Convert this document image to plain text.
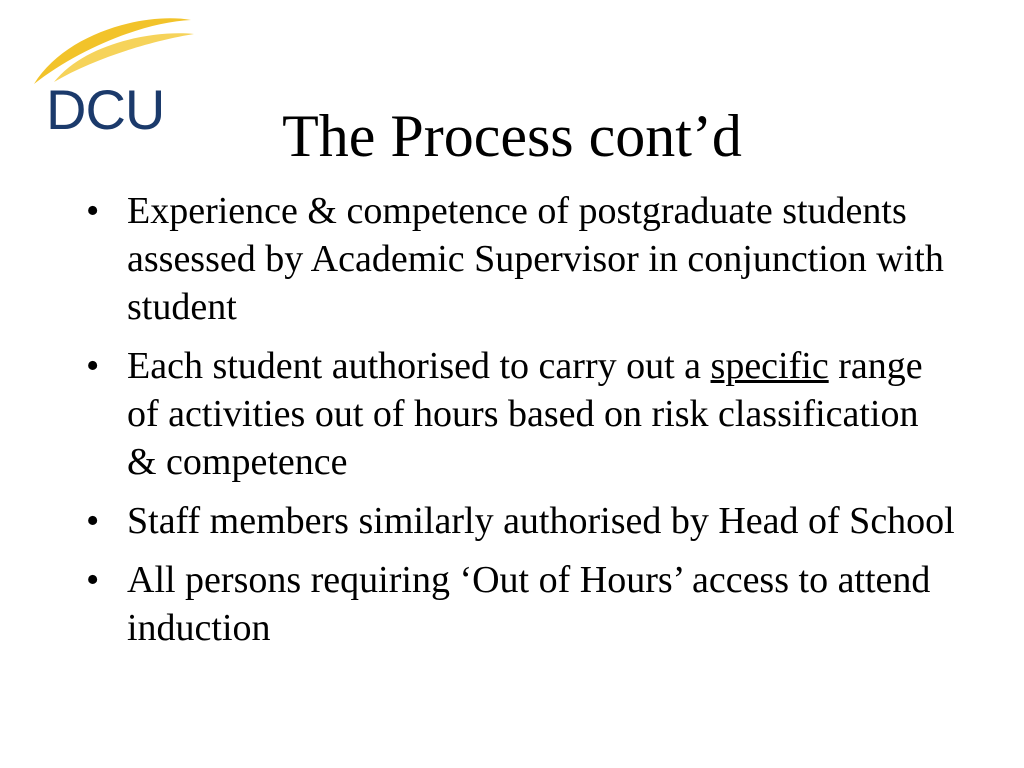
DCU	The Process cont’d
• Experience & competence of postgraduate students assessed by Academic Supervisor in conjunction with student
• Each student authorised to carry out a specific range of activities out of hours based on risk classification & competence
• Staff members similarly authorised by Head of School
• All persons requiring ‘Out of Hours’ access to attend induction
